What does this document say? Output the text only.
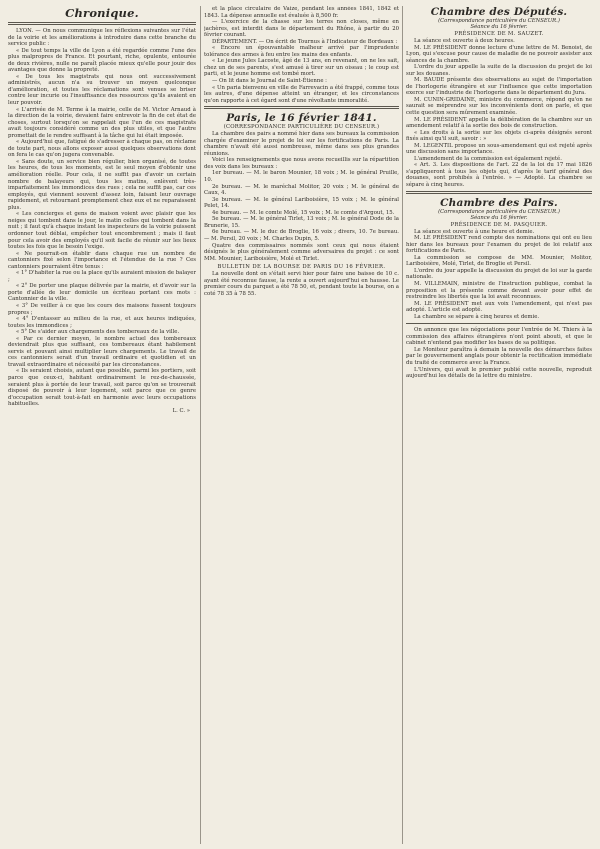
Chronique.

LYON. — On nous communique les réflexions suivantes sur l'état de la voirie et les améliorations à introduire dans cette branche du service public :

« De tout temps la ville de Lyon a été regardée comme l'une des plus malpropres de France. Et pourtant, riche, opulente, entourée de deux rivières, nulle ne paraît placée mieux qu'elle pour jouir des avantages que donne la propreté.

« De tous les magistrats qui nous ont successivement administrés, aucun n'a su trouver un moyen quelconque d'amélioration, et toutes les réclamations sont venues se briser contre leur incurie ou l'insuffisance des ressources qu'ils avaient en leur pouvoir.

« L'arrivée de M. Terme à la mairie, celle de M. Victor Arnaud à la direction de la voirie, devaient faire entrevoir la fin de cet état de choses, surtout lorsqu'on se rappelait que l'un de ces magistrats avait toujours considéré comme un des plus utiles, et que l'autre promettait de le rendre suffisant à la tâche qui lui était imposée.

« Aujourd'hui que, fatigué de s'adresser à chaque pas, on réclame de toute part, nous allons exposer aussi quelques observations dont on fera le cas qu'on jugera convenable.

« Sans doute, un service bien régulier, bien organisé, de toutes les heures, de tous les moments, est le seul moyen d'obtenir une amélioration réelle. Pour cela, il ne suffit pas d'avoir un certain nombre de balayeurs qui, tous les matins, enlèvent très-imparfaitement les immondices des rues ; cela ne suffit pas, car ces employés, qui viennent souvent d'assez loin, faisant leur ouvrage rapidement, et retournant promptement chez eux et ne reparaissent plus.

« Les concierges et gens de maison voient avec plaisir que les neiges qui tombent dans le jour, le matin celles qui tombent dans la nuit ; il faut qu'à chaque instant les inspecteurs de la voirie puissent ordonner tout déblai, empêcher tout encombrement ; mais il faut pour cela avoir des employés qu'il soit facile de réunir sur les lieux toutes les fois que le besoin l'exige.

« Ne pourrait-on établir dans chaque rue un nombre de cantonniers fixé selon l'importance et l'étendue de la rue ? Ces cantonniers pourraient être tenus :

« 1° D'habiter la rue ou la place qu'ils auraient mission de balayer ;

« 2° De porter une plaque délivrée par la mairie, et d'avoir sur la porte d'allée de leur domicile un écriteau portant ces mots : Cantonnier de la ville.

« 3° De veiller à ce que les cours des maisons fussent toujours propres ;

« 4° D'entasser au milieu de la rue, et aux heures indiquées, toutes les immondices ;

« 5° De s'aider aux chargements des tombereaux de la ville.

« Par ce dernier moyen, le nombre actuel des tombereaux deviendrait plus que suffisant, ces tombereaux étant habilement servis et pouvant ainsi multiplier leurs chargements. Le travail de ces cantonniers serait d'un travail ordinaire et quotidien et un travail extraordinaire et nécessité par les circonstances.

« Ils seraient choisis, autant que possible, parmi les portiers, soit parce que ceux-ci, habitant ordinairement le rez-de-chaussée, seraient plus à portée de leur travail, soit parce qu'on se trouverait disposé de pouvoir à leur logement, soit parce que ce genre d'occupation serait tout-à-fait en harmonie avec leurs occupations habituelles.

L. C. »

et la place circulaire de Vaize, pendant les années 1841, 1842 et 1843. La dépense annuelle est évaluée à 8,500 fr.

— L'exercice de la chasse sur les terres non closes, même en jachères, est interdit dans le département du Rhône, à partir du 20 février courant.

DÉPARTEMENT. — On écrit de Tournus à l'Indicateur de Bordeaux :

« Encore un épouvantable malheur arrivé par l'imprudente tolérance des armes à feu entre les mains des enfants.

« Le jeune Jules Lacoste, âgé de 13 ans, en revenant, on ne les sait, chez un de ses parents, s'est amusé à tirer sur un oiseau ; le coup est parti, et le jeune homme est tombé mort.

— On lit dans le Journal de Saint-Étienne :

« Un paria bienvenu en ville de Farrevacin a été frappé, comme tous les autres, d'une dépense atteint un étranger, et les circonstances qu'on rapporte à cet égard sont d'une révoltante immoralité.

Paris, le 16 février 1841.

(CORRESPONDANCE PARTICULIÈRE DU CENSEUR.)

La chambre des pairs a nommé hier dans ses bureaux la commission chargée d'examiner le projet de loi sur les fortifications de Paris. La chambre n'avait été aussi nombreuse, même dans ses plus grandes réunions.

Voici les renseignements que nous avons recueillis sur la répartition des voix dans les bureaux :

1er bureau. — M. le baron Mounier, 18 voix ; M. le général Pruille, 10.

2e bureau. — M. le maréchal Molitor, 20 voix ; M. le général de Caux, 4.

3e bureau. — M. le général Lariboisière, 15 voix ; M. le général Pelet, 14.

4e bureau. — M. le comte Molé, 15 voix ; M. le comte d'Argout, 15.

5e bureau. — M. le général Tirlet, 13 voix ; M. le général Dode de la Brunerie, 15.

6e bureau. — M. le duc de Broglie, 16 voix ; divers, 10. 7e bureau. — M. Persil, 20 voix ; M. Charles Dupin, 5.

Quatre des commissaires nommés sont ceux qui nous étaient désignés le plus généralement comme adversaires du projet : ce sont MM. Mounier, Lariboisière, Molé et Tirlet.

BULLETIN DE LA BOURSE DE PARIS DU 16 FÉVRIER.

La nouvelle dont on s'était servi hier pour faire une baisse de 10 c. ayant été reconnue fausse, la rente a ouvert aujourd'hui en hausse. Le premier cours du parquet a été 78 50, et, pendant toute la bourse, on a coté 78 35 à 78 55.

Chambre des Députés.

(Correspondance particulière du CENSEUR.)

Séance du 16 février.

PRÉSIDENCE DE M. SAUZET.

La séance est ouverte à deux heures.

M. LE PRÉSIDENT donne lecture d'une lettre de M. Benoist, de Lyon, qui s'excuse pour cause de maladie de ne pouvoir assister aux séances de la chambre.

L'ordre du jour appelle la suite de la discussion du projet de loi sur les douanes.

M. BAUDE présente des observations au sujet de l'importation de l'horlogerie étrangère et sur l'influence que cette importation exerce sur l'industrie de l'horlogerie dans le département du Jura.

M. CUNIN-GRIDAINE, ministre du commerce, répond qu'on ne saurait se méprendre sur les inconvénients dont on parle, et que cette question sera mûrement examinée.

M. LE PRÉSIDENT appelle la délibération de la chambre sur un amendement relatif à la sortie des bois de construction.

« Les droits à la sortie sur les objets ci-après désignés seront fixés ainsi qu'il suit, savoir : »

M. LEGENTIL propose un sous-amendement qui est rejeté après une discussion sans importance.

L'amendement de la commission est également rejeté.

« Art. 3. Les dispositions de l'art. 22 de la loi du 17 mai 1826 s'appliqueront à tous les objets qui, d'après le tarif général des douanes, sont prohibés à l'entrée. » — Adopté. La chambre se sépare à cinq heures.

Chambre des Pairs.

(Correspondance particulière du CENSEUR.)

Séance du 16 février.

PRÉSIDENCE DE M. PASQUIER.

La séance est ouverte à une heure et demie.

M. LE PRÉSIDENT rend compte des nominations qui ont eu lieu hier dans les bureaux pour l'examen du projet de loi relatif aux fortifications de Paris.

La commission se compose de MM. Mounier, Molitor, Lariboisière, Molé, Tirlet, de Broglie et Persil.

L'ordre du jour appelle la discussion du projet de loi sur la garde nationale.

M. VILLEMAIN, ministre de l'instruction publique, combat la proposition et la présente comme devant avoir pour effet de restreindre les libertés que la loi avait reconnues.

M. LE PRÉSIDENT met aux voix l'amendement, qui n'est pas adopté. L'article est adopté.

La chambre se sépare à cinq heures et demie.

On annonce que les négociations pour l'entrée de M. Thiers à la commission des affaires étrangères n'ont point abouti, et que le cabinet n'entend pas modifier les bases de sa politique.

Le Moniteur paraîtra à demain la nouvelle des démarches faites par le gouvernement anglais pour obtenir la rectification immédiate du traité de commerce avec la France.

L'Univers, qui avait le premier publié cette nouvelle, reproduit aujourd'hui les détails de la lettre du ministre.
